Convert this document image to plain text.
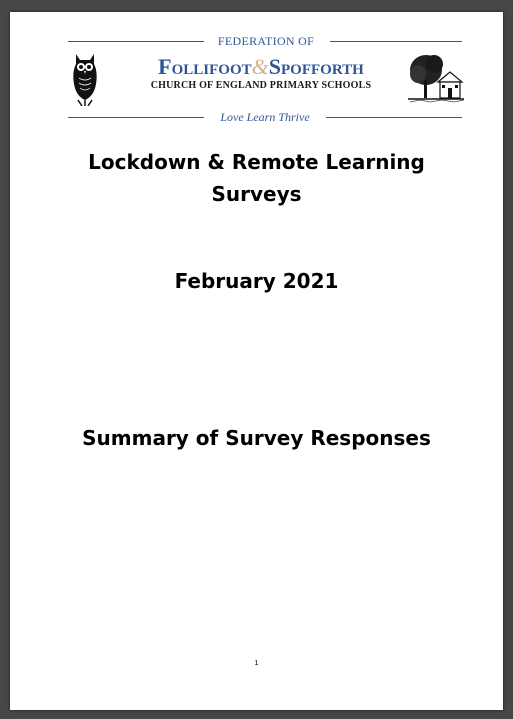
FEDERATION OF
Follifoot&Spofforth
CHURCH OF ENGLAND PRIMARY SCHOOLS
Love Learn Thrive
Lockdown & Remote Learning
Surveys
February 2021
Summary of Survey Responses
1
